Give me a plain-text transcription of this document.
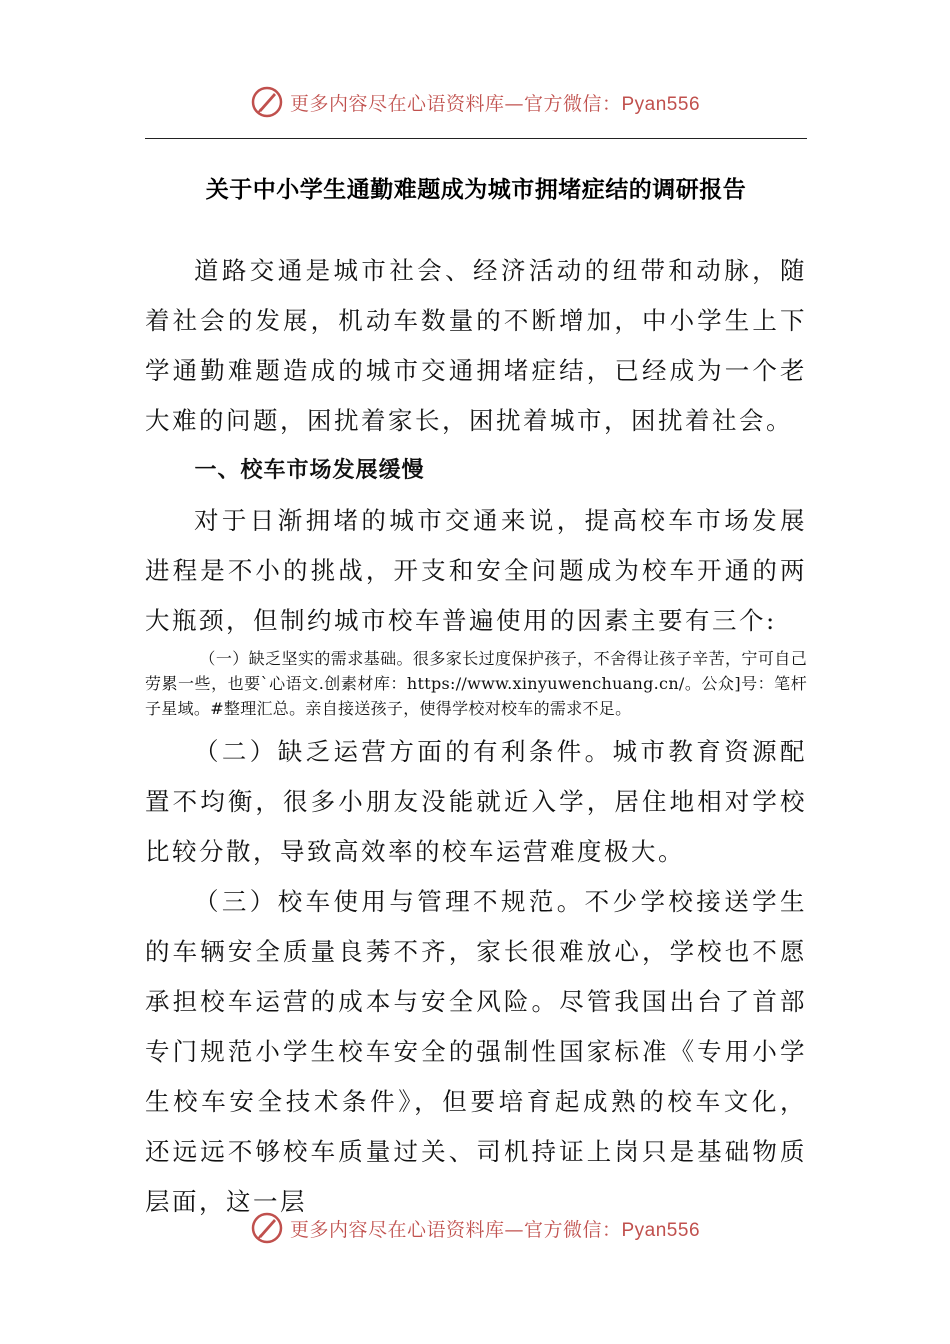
更多内容尽在心语资料库—官方微信：Pyan556
关于中小学生通勤难题成为城市拥堵症结的调研报告

道路交通是城市社会、经济活动的纽带和动脉，随着社会的发展，机动车数量的不断增加，中小学生上下学通勤难题造成的城市交通拥堵症结，已经成为一个老大难的问题，困扰着家长，困扰着城市，困扰着社会。

一、校车市场发展缓慢

对于日渐拥堵的城市交通来说，提高校车市场发展进程是不小的挑战，开支和安全问题成为校车开通的两大瓶颈，但制约城市校车普遍使用的因素主要有三个:

（一）缺乏坚实的需求基础。很多家长过度保护孩子，不舍得让孩子辛苦，宁可自己劳累一些，也要`心语文.创素材库：https://www.xinyuwenchuang.cn/。公众]号：笔杆子星域。#整理汇总。亲自接送孩子，使得学校对校车的需求不足。

（二）缺乏运营方面的有利条件。城市教育资源配置不均衡，很多小朋友没能就近入学，居住地相对学校比较分散，导致高效率的校车运营难度极大。

（三）校车使用与管理不规范。不少学校接送学生的车辆安全质量良莠不齐，家长很难放心，学校也不愿承担校车运营的成本与安全风险。尽管我国出台了首部专门规范小学生校车安全的强制性国家标准《专用小学生校车安全技术条件》，但要培育起成熟的校车文化，还远远不够校车质量过关、司机持证上岗只是基础物质层面，这一层

更多内容尽在心语资料库—官方微信：Pyan556
